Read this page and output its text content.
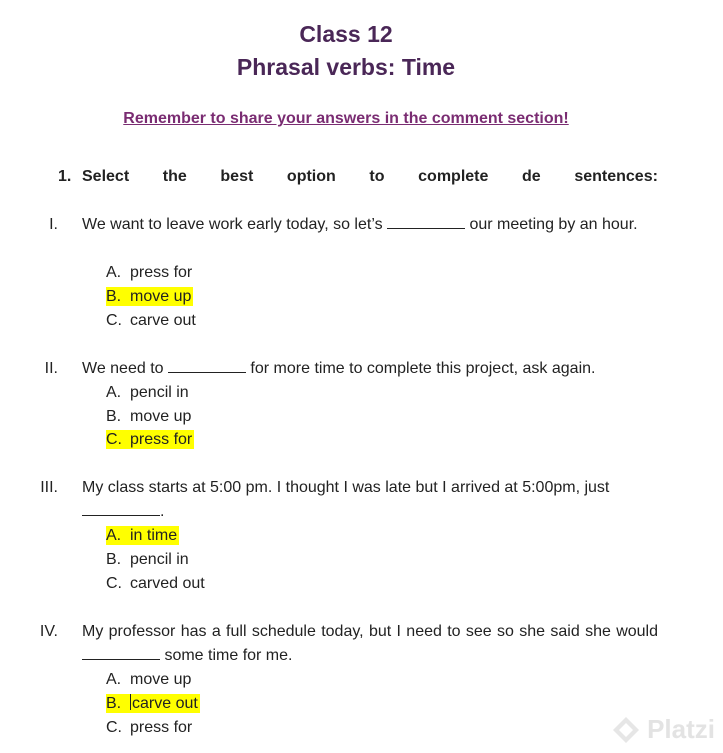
Class 12
Phrasal verbs: Time
Remember to share your answers in the comment section!
1. Select the best option to complete de sentences:
I. We want to leave work early today, so let’s	our meeting by an hour.
A. press for
B. move up
C. carve out
II. We need to	for more time to complete this project, ask again.
A. pencil in
B. move up
C. press for
III. My class starts at 5:00 pm. I thought I was late but I arrived at 5:00pm, just
.
A. in time
B. pencil in
C. carved out
IV. My professor has a full schedule today, but I need to see so she said she would  some time for me.
A. move up
B. carve out
C. press for	Platzi
